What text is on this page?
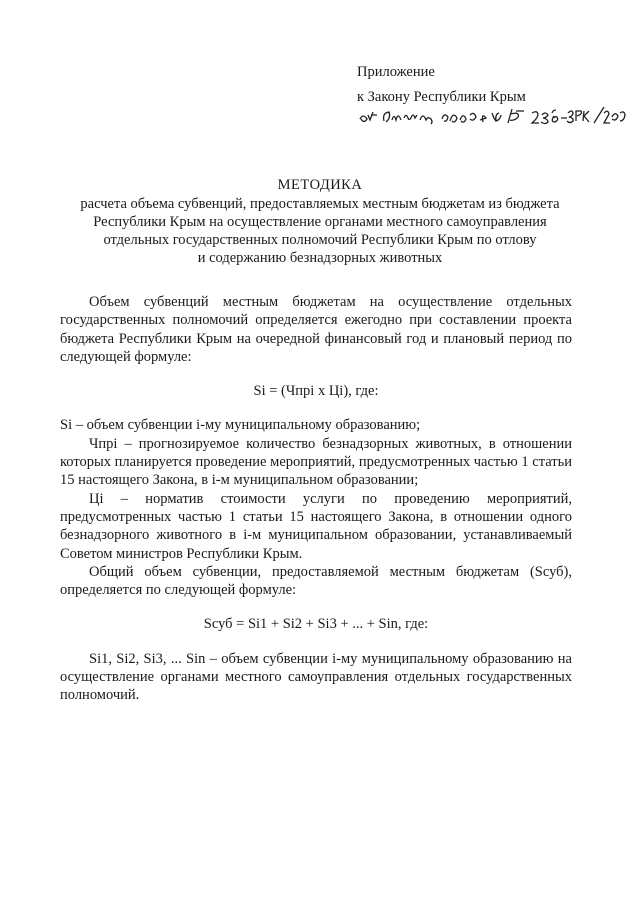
Приложение
к Закону Республики Крым
МЕТОДИКА
расчета объема субвенций, предоставляемых местным бюджетам из бюджета
Республики Крым на осуществление органами местного самоуправления
отдельных государственных полномочий Республики Крым по отлову
и содержанию безнадзорных животных

Объем субвенций местным бюджетам на осуществление отдельных государственных полномочий определяется ежегодно при составлении проекта бюджета Республики Крым на очередной финансовый год и плановый период по следующей формуле:

Si = (Чпрi х Цi), где:

Si – объем субвенции i-му муниципальному образованию;

Чпрi – прогнозируемое количество безнадзорных животных, в отношении которых планируется проведение мероприятий, предусмотренных частью 1 статьи 15 настоящего Закона, в i-м муниципальном образовании;

Цi – норматив стоимости услуги по проведению мероприятий, предусмотренных частью 1 статьи 15 настоящего Закона, в отношении одного безнадзорного животного в i-м муниципальном образовании, устанавливаемый Советом министров Республики Крым.

Общий объем субвенции, предоставляемой местным бюджетам (Sсуб), определяется по следующей формуле:

Sсуб = Si1 + Si2 + Si3 + ... + Sin, где:

Si1, Si2, Si3, ... Sin – объем субвенции i-му муниципальному образованию на осуществление органами местного самоуправления отдельных государственных полномочий.
